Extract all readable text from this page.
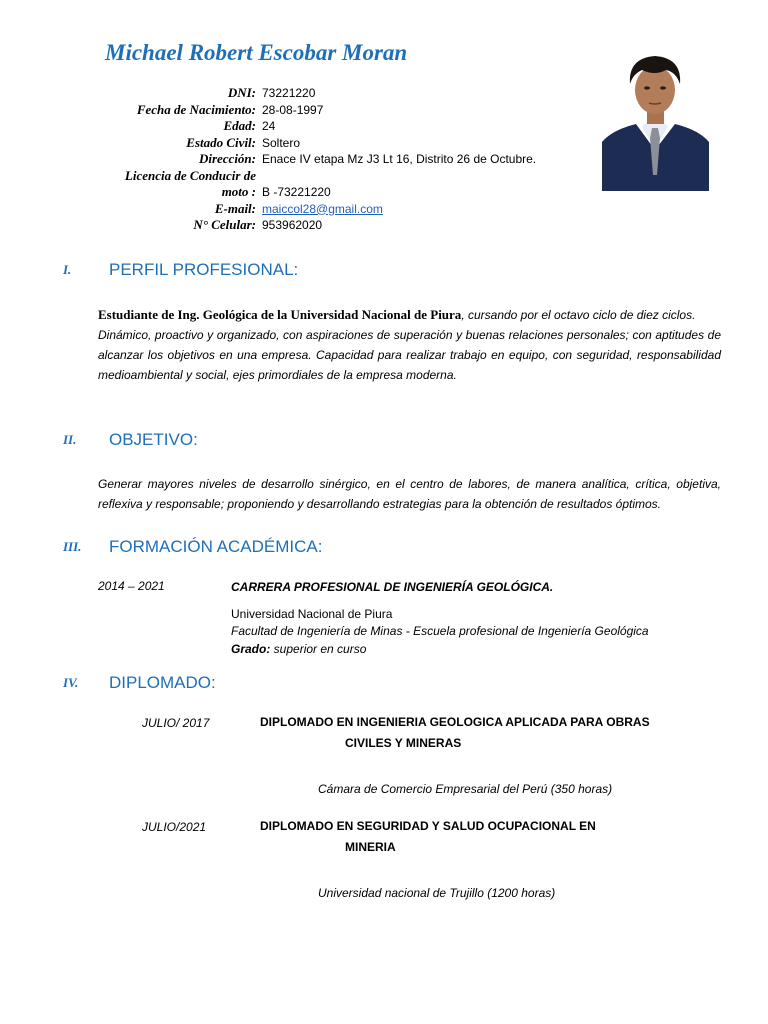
Michael Robert Escobar Moran
DNI: 73221220
Fecha de Nacimiento: 28-08-1997
Edad: 24
Estado Civil: Soltero
Dirección: Enace IV etapa Mz J3 Lt 16, Distrito 26 de Octubre.
Licencia de Conducir de
moto : B -73221220
E-mail: maiccol28@gmail.com
N° Celular: 953962020
I.	PERFIL PROFESIONAL:
Estudiante de Ing. Geológica de la Universidad Nacional de Piura, cursando por el octavo ciclo de diez ciclos.
Dinámico, proactivo y organizado, con aspiraciones de superación y buenas relaciones personales; con aptitudes de alcanzar los objetivos en una empresa. Capacidad para realizar trabajo en equipo, con seguridad, responsabilidad medioambiental y social, ejes primordiales de la empresa moderna.
II.	OBJETIVO:
Generar mayores niveles de desarrollo sinérgico, en el centro de labores, de manera analítica, crítica, objetiva, reflexiva y responsable; proponiendo y desarrollando estrategias para la obtención de resultados óptimos.
III.	FORMACIÓN ACADÉMICA:
2014 – 2021	CARRERA PROFESIONAL DE INGENIERÍA GEOLÓGICA.
Universidad Nacional de Piura
Facultad de Ingeniería de Minas - Escuela profesional de Ingeniería Geológica
Grado: superior en curso
IV.	DIPLOMADO:
JULIO/ 2017	DIPLOMADO EN INGENIERIA GEOLOGICA APLICADA PARA OBRAS
CIVILES Y MINERAS
Cámara de Comercio Empresarial del Perú (350 horas)
JULIO/2021	DIPLOMADO EN SEGURIDAD Y SALUD OCUPACIONAL EN
MINERIA
Universidad nacional de Trujillo (1200 horas)
